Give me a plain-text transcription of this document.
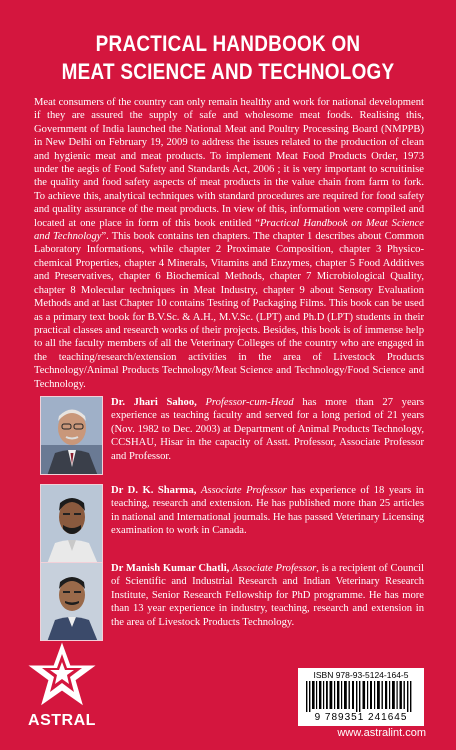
PRACTICAL HANDBOOK ON
MEAT SCIENCE AND TECHNOLOGY

Meat consumers of the country can only remain healthy and work for national development if they are assured the supply of safe and wholesome meat foods. Realising this, Government of India launched the National Meat and Poultry Processing Board (NMPPB) in New Delhi on February 19, 2009 to address the issues related to the production of clean and hygienic meat and meat products. To implement Meat Food Products Order, 1973 under the aegis of Food Safety and Standards Act, 2006 ; it is very important to scruitinise the quality and food safety aspects of meat products in the value chain from farm to fork. To achieve this, analytical techniques with standard procedures are required for food safety and quality assurance of the meat products. In view of this, information were compiled and located at one place in form of this book entitled “Practical Handbook on Meat Science and Technology”. This book contains ten chapters. The chapter 1 describes about Common Laboratory Informations, while chapter 2 Proximate Composition, chapter 3 Physico-chemical Properties, chapter 4 Minerals, Vitamins and Enzymes, chapter 5 Food Additives and Preservatives, chapter 6 Biochemical Methods, chapter 7 Microbiological Quality, chapter 8 Molecular techniques in Meat Industry, chapter 9 about Sensory Evaluation Methods and at last Chapter 10 contains Testing of Packaging Films. This book can be used as a primary text book for B.V.Sc. & A.H., M.V.Sc. (LPT) and Ph.D (LPT) students in their practical classes and research works of their projects. Besides, this book is of immense help to all the faculty members of all the Veterinary Colleges of the country who are engaged in the teaching/research/extension activities in the area of Livestock Products Technology/Animal Products Technology/Meat Science and Technology/Food Science and Technology.

Dr. Jhari Sahoo, Professor-cum-Head has more than 27 years experience as teaching faculty and served for a long period of 21 years (Nov. 1982 to Dec. 2003) at Department of Animal Products Technology, CCSHAU, Hisar in the capacity of Asstt. Professor, Associate Professor and Professor.
Dr D. K. Sharma, Associate Professor has experience of 18 years in teaching, research and extension. He has published more than 25 articles in national and International journals. He has passed Veterinary Licensing examination to work in Canada.
Dr Manish Kumar Chatli, Associate Professor, is a recipient of Council of Scientific and Industrial Research and Indian Veterinary Research Institute, Senior Research Fellowship for PhD programme. He has more than 13 year experience in industry, teaching, research and extension in the area of Livestock Products Technology.
ASTRAL
ISBN 978-93-5124-164-5
9 789351 241645
www.astralint.com
